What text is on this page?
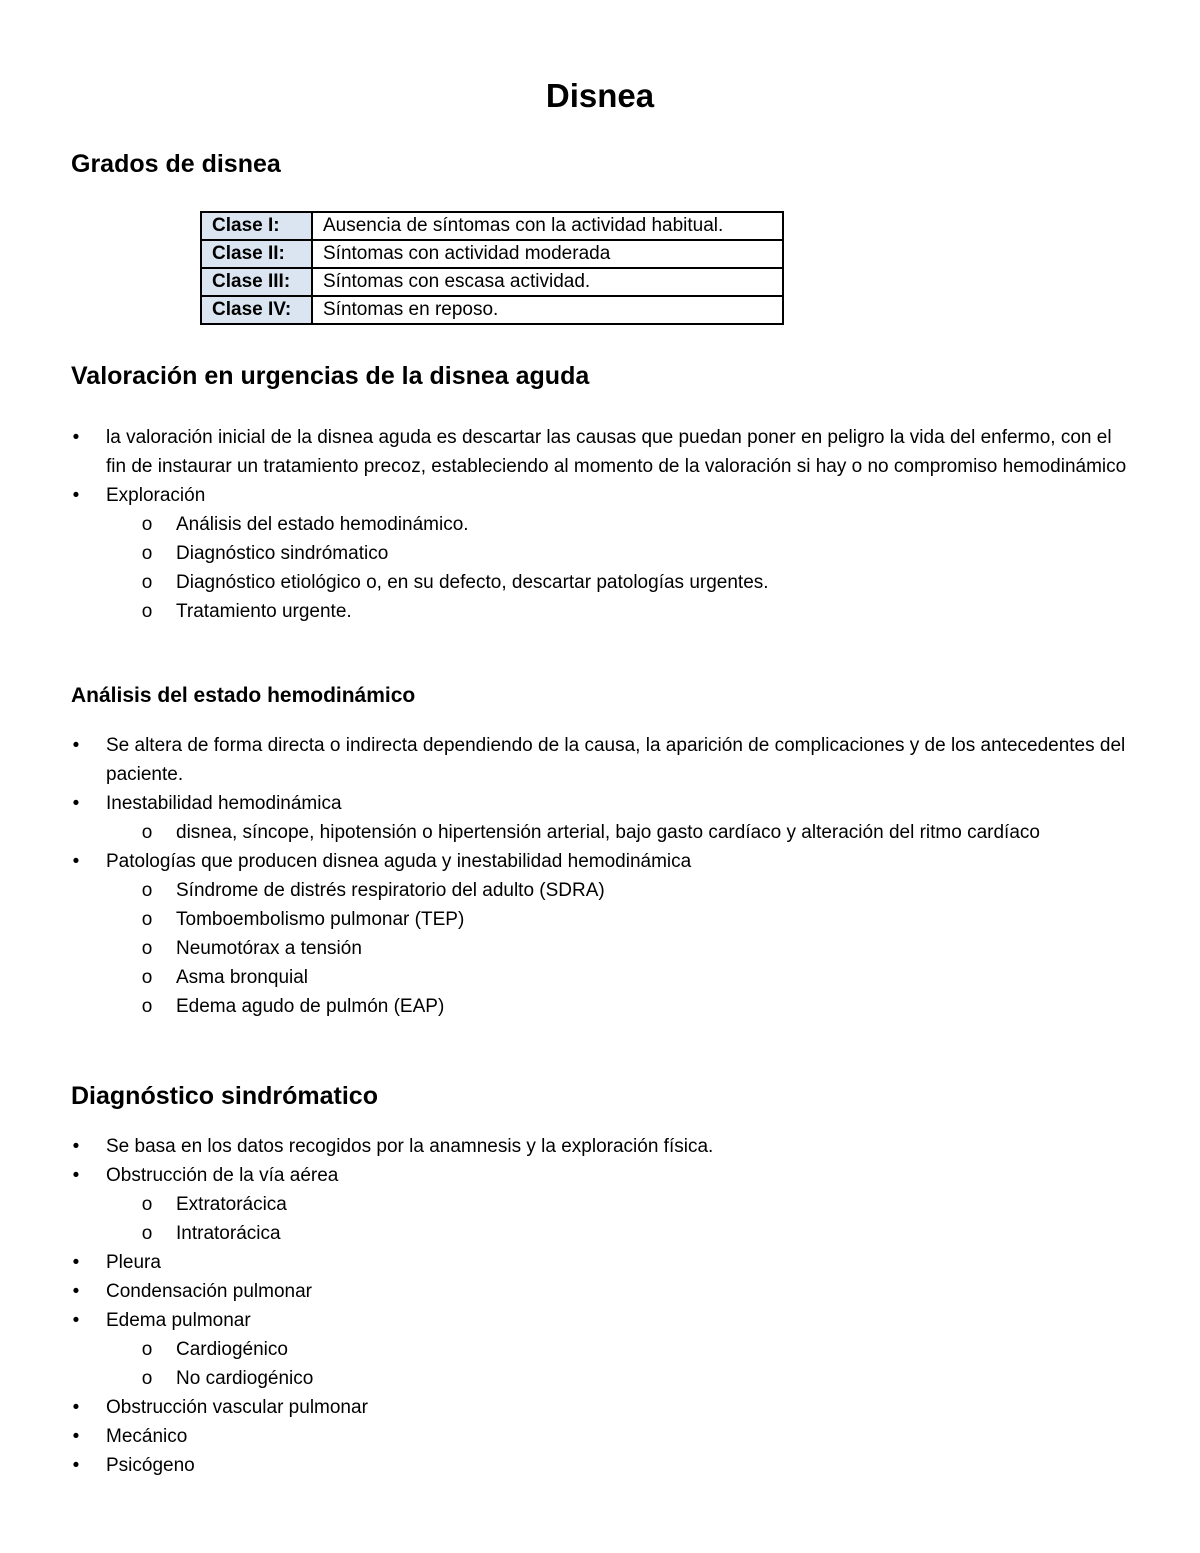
Disnea
Grados de disnea
Clase I:	Ausencia de síntomas con la actividad habitual.
Clase II:	Síntomas con actividad moderada
Clase III:	Síntomas con escasa actividad.
Clase IV:	Síntomas en reposo.
Valoración en urgencias de la disnea aguda
• la valoración inicial de la disnea aguda es descartar las causas que puedan poner en peligro la vida del enfermo, con el fin de instaurar un tratamiento precoz, estableciendo al momento de la valoración si hay o no compromiso hemodinámico
• Exploración
o Análisis del estado hemodinámico.
o Diagnóstico sindrómatico
o Diagnóstico etiológico o, en su defecto, descartar patologías urgentes.
o Tratamiento urgente.
Análisis del estado hemodinámico
• Se altera de forma directa o indirecta dependiendo de la causa, la aparición de complicaciones y de los antecedentes del paciente.
• Inestabilidad hemodinámica
o disnea, síncope, hipotensión o hipertensión arterial, bajo gasto cardíaco y alteración del ritmo cardíaco
• Patologías que producen disnea aguda y inestabilidad hemodinámica
o Síndrome de distrés respiratorio del adulto (SDRA)
o Tomboembolismo pulmonar (TEP)
o Neumotórax a tensión
o Asma bronquial
o Edema agudo de pulmón (EAP)
Diagnóstico sindrómatico
• Se basa en los datos recogidos por la anamnesis y la exploración física.
• Obstrucción de la vía aérea
o Extratorácica
o Intratorácica
• Pleura
• Condensación pulmonar
• Edema pulmonar
o Cardiogénico
o No cardiogénico
• Obstrucción vascular pulmonar
• Mecánico
• Psicógeno
